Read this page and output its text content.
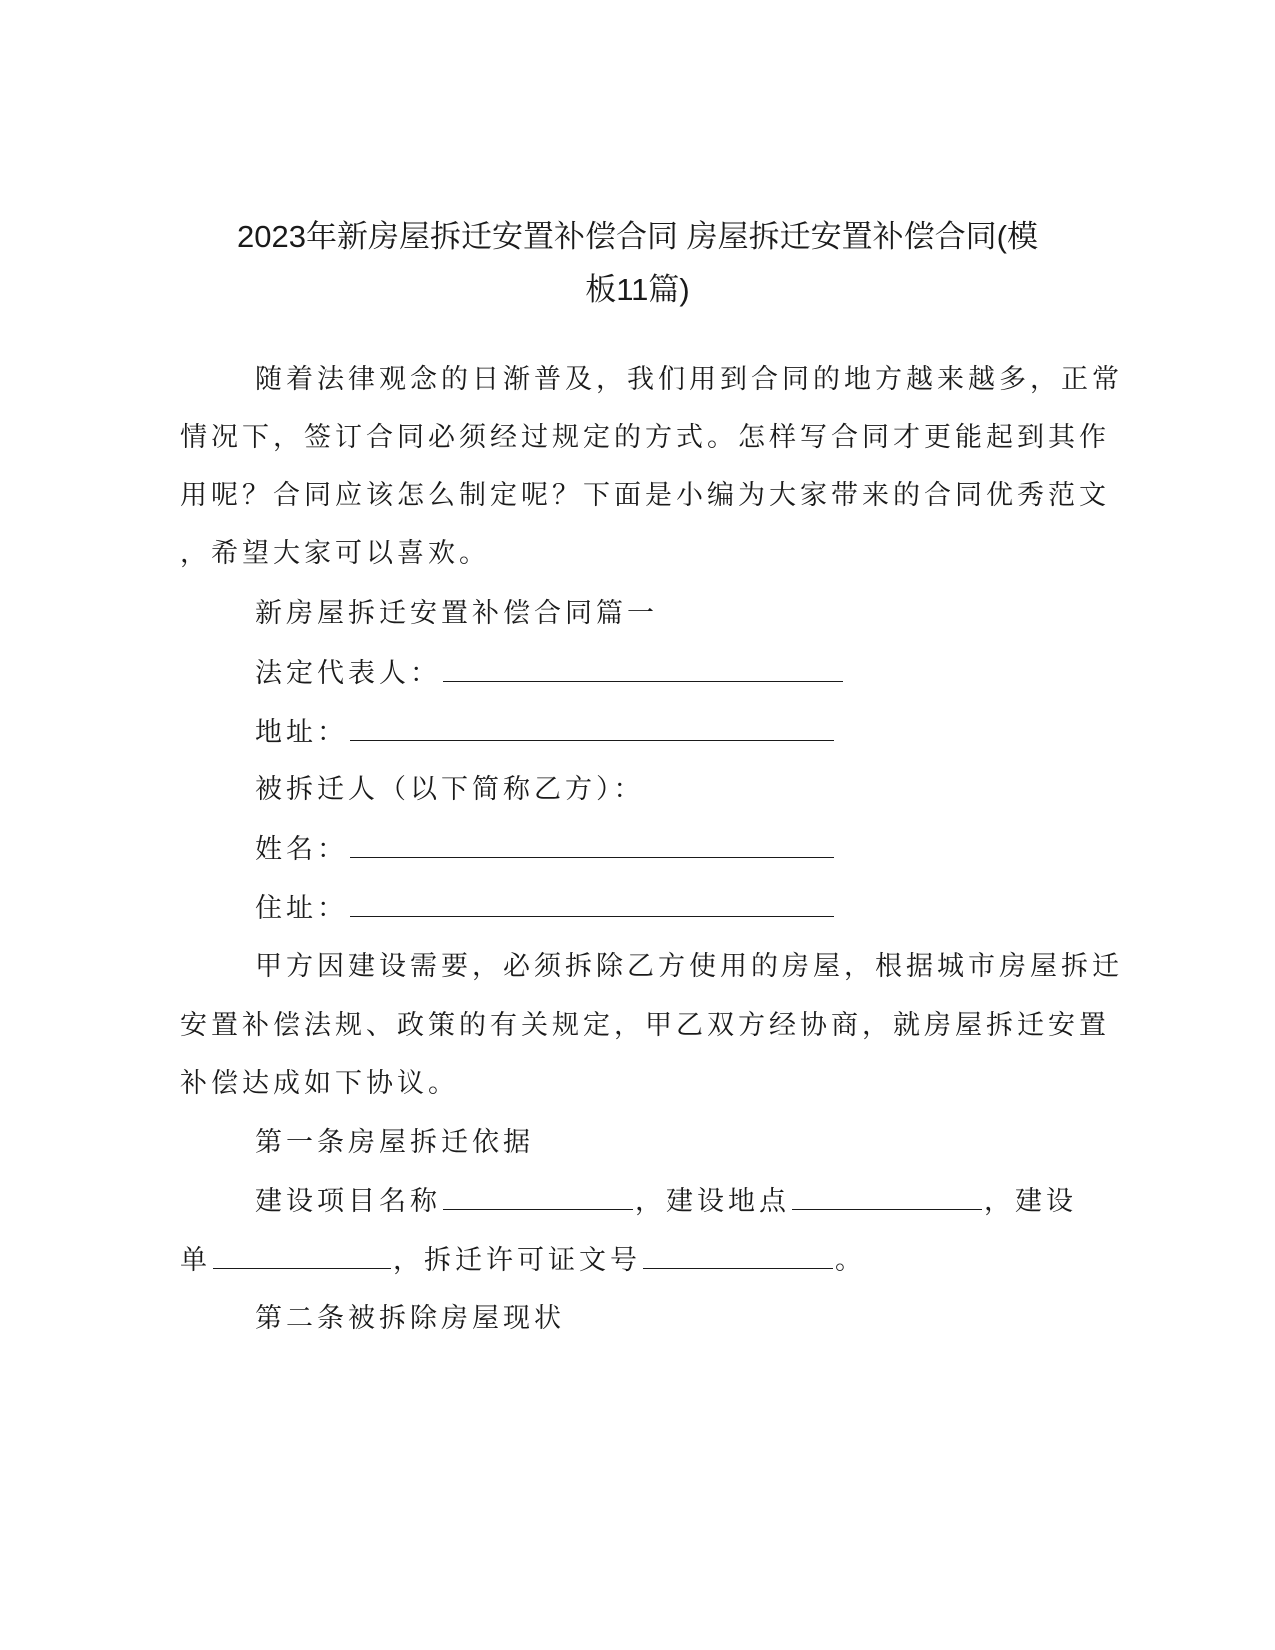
2023年新房屋拆迁安置补偿合同 房屋拆迁安置补偿合同(模
板11篇)
随着法律观念的日渐普及，我们用到合同的地方越来越多，正常
情况下，签订合同必须经过规定的方式。怎样写合同才更能起到其作
用呢？合同应该怎么制定呢？下面是小编为大家带来的合同优秀范文
，希望大家可以喜欢。
新房屋拆迁安置补偿合同篇一
法定代表人：
地址：
被拆迁人（以下简称乙方）：
姓名：
住址：
甲方因建设需要，必须拆除乙方使用的房屋，根据城市房屋拆迁
安置补偿法规、政策的有关规定，甲乙双方经协商，就房屋拆迁安置
补偿达成如下协议。
第一条房屋拆迁依据
建设项目名称	，建设地点	，建设
单	，拆迁许可证文号	。
第二条被拆除房屋现状
